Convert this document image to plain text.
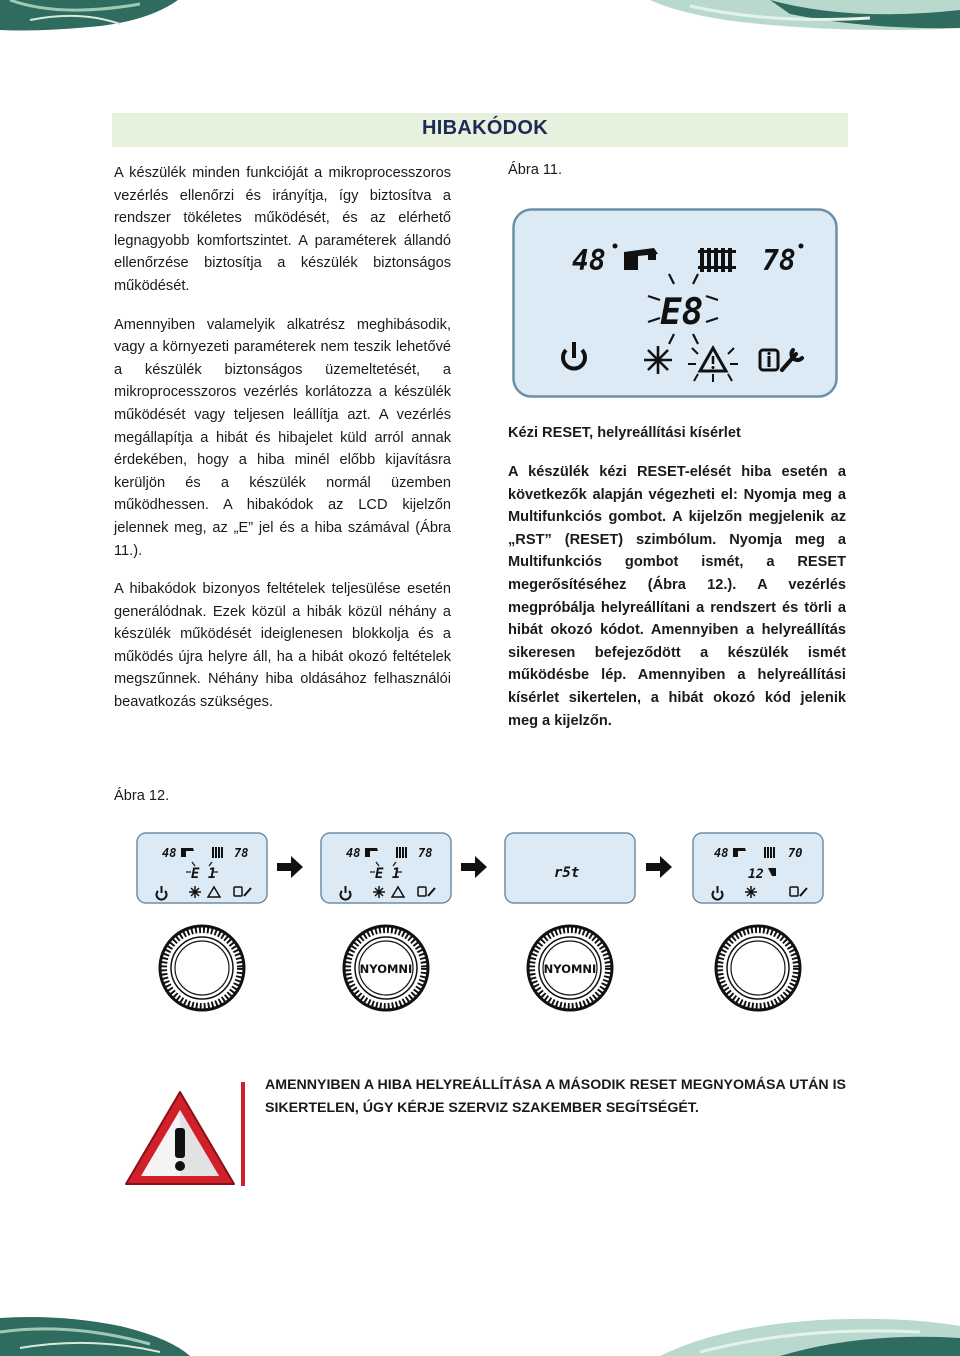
HIBAKÓDOK

A készülék minden funkcióját a mikroprocesszoros vezérlés ellenőrzi és irányítja, így biztosítva a rendszer tökéletes működését, és az elérhető legnagyobb komfortszintet. A paraméterek állandó ellenőrzése biztosítja a készülék biztonságos működését.

Amennyiben valamelyik alkatrész meghibásodik, vagy a környezeti paraméterek nem teszik lehetővé a készülék biztonságos üzemeltetését, a mikroprocesszoros vezérlés korlátozza a készülék működését vagy teljesen leállítja azt. A vezérlés megállapítja a hibát és hibajelet küld arról annak érdekében, hogy a hiba minél előbb kijavításra kerüljön és a készülék normál üzemben működhessen. A hibakódok az LCD kijelzőn jelennek meg, az „E” jel és a hiba számával (Ábra 11.).

A hibakódok bizonyos feltételek teljesülése esetén generálódnak. Ezek közül a hibák közül néhány a készülék működését ideiglenesen blokkolja és a működés újra helyre áll, ha a hibát okozó feltételek megszűnnek. Néhány hiba oldásához felhasználói beavatkozás szükséges.

Ábra 11.
48	78
E8
Kézi RESET, helyreállítási kísérlet
A készülék kézi RESET-elését hiba esetén a következők alapján végezheti el: Nyomja meg a Multifunkciós gombot. A kijelzőn megjelenik az „RST” (RESET) szimbólum. Nyomja meg a Multifunkciós gombot ismét, a RESET megerősítéséhez (Ábra 12.). A vezérlés megpróbálja helyreállítani a rendszert és törli a hibát okozó kódot. Amennyiben a helyreállítás sikeresen befejeződött a készülék ismét működésbe lép. Amennyiben a helyreállítási kísérlet sikertelen, a hibát okozó kód jelenik meg a kijelzőn.
Ábra 12.
48	78
E 1
48	78
E 1
NYOMNI
r5t
NYOMNI
48	70
12
AMENNYIBEN A HIBA HELYREÁLLÍTÁSA A MÁSODIK RESET MEGNYOMÁSA UTÁN IS SIKERTELEN, ÚGY KÉRJE SZERVIZ SZAKEMBER SEGÍTSÉGÉT.
